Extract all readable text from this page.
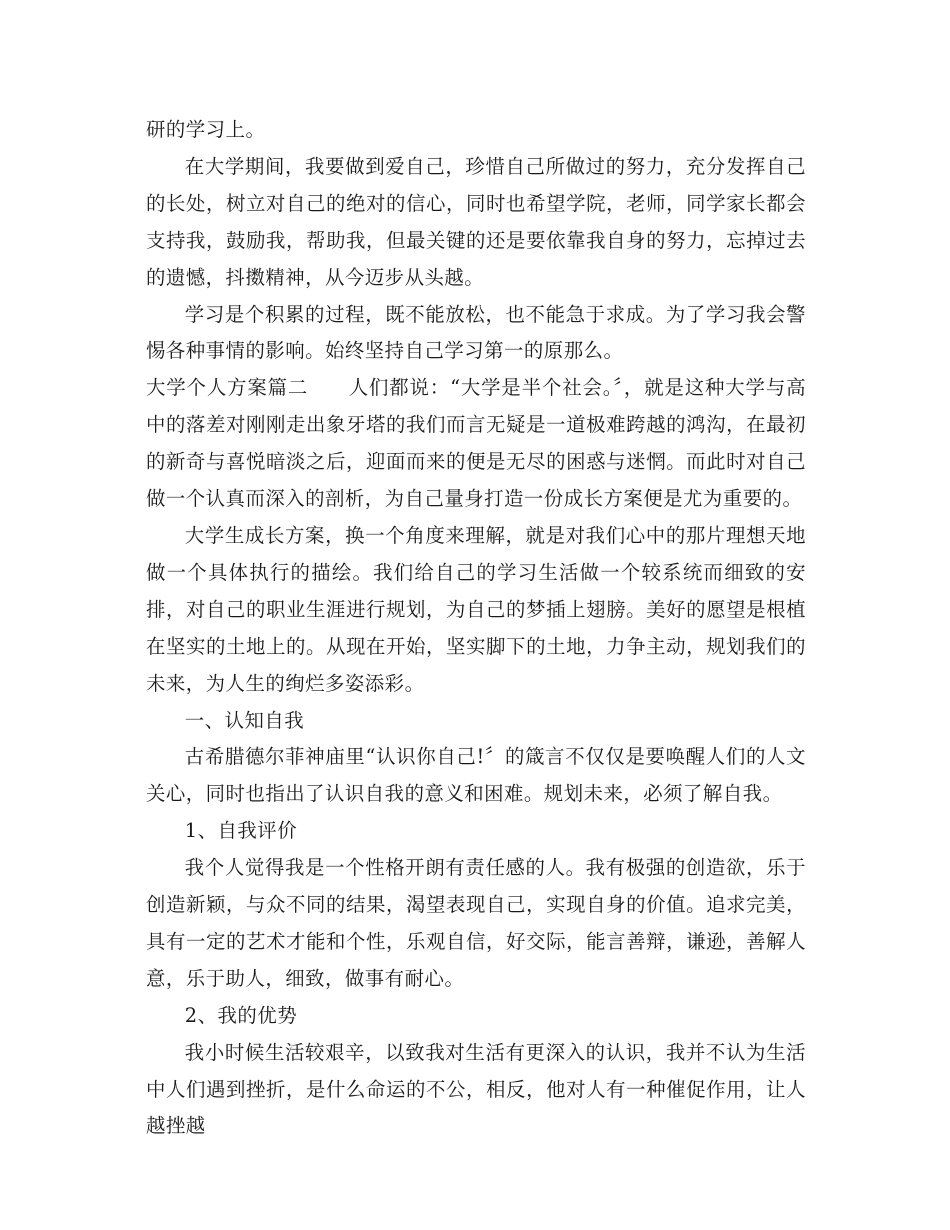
研的学习上。

在大学期间，我要做到爱自己，珍惜自己所做过的努力，充分发挥自己的长处，树立对自己的绝对的信心，同时也希望学院，老师，同学家长都会支持我，鼓励我，帮助我，但最关键的还是要依靠我自身的努力，忘掉过去的遗憾，抖擞精神，从今迈步从头越。

学习是个积累的过程，既不能放松，也不能急于求成。为了学习我会警惕各种事情的影响。始终坚持自己学习第一的原那么。

大学个人方案篇二　　人们都说：“大学是半个社会。〞，就是这种大学与高中的落差对刚刚走出象牙塔的我们而言无疑是一道极难跨越的鸿沟，在最初的新奇与喜悦暗淡之后，迎面而来的便是无尽的困惑与迷惘。而此时对自己做一个认真而深入的剖析，为自己量身打造一份成长方案便是尤为重要的。

大学生成长方案，换一个角度来理解，就是对我们心中的那片理想天地做一个具体执行的描绘。我们给自己的学习生活做一个较系统而细致的安排，对自己的职业生涯进行规划，为自己的梦插上翅膀。美好的愿望是根植在坚实的土地上的。从现在开始，坚实脚下的土地，力争主动，规划我们的未来，为人生的绚烂多姿添彩。

一、认知自我

古希腊德尔菲神庙里“认识你自己!〞的箴言不仅仅是要唤醒人们的人文关心，同时也指出了认识自我的意义和困难。规划未来，必须了解自我。

1、自我评价

我个人觉得我是一个性格开朗有责任感的人。我有极强的创造欲，乐于创造新颖，与众不同的结果，渴望表现自己，实现自身的价值。追求完美，具有一定的艺术才能和个性，乐观自信，好交际，能言善辩，谦逊，善解人意，乐于助人，细致，做事有耐心。

2、我的优势

我小时候生活较艰辛，以致我对生活有更深入的认识，我并不认为生活中人们遇到挫折，是什么命运的不公，相反，他对人有一种催促作用，让人越挫越
